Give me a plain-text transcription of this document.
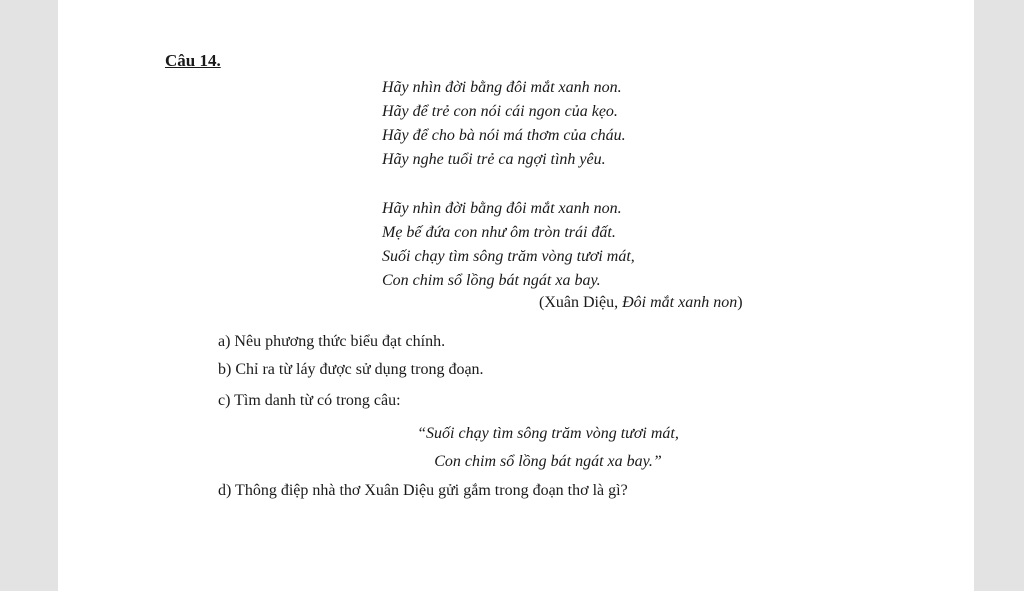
Câu 14.
Hãy nhìn đời bằng đôi mắt xanh non.
Hãy để trẻ con nói cái ngon của kẹo.
Hãy để cho bà nói má thơm của cháu.
Hãy nghe tuổi trẻ ca ngợi tình yêu.
Hãy nhìn đời bằng đôi mắt xanh non.
Mẹ bế đứa con như ôm tròn trái đất.
Suối chạy tìm sông trăm vòng tươi mát,
Con chim sổ lồng bát ngát xa bay.
(Xuân Diệu, Đôi mắt xanh non)
a) Nêu phương thức biểu đạt chính.
b) Chỉ ra từ láy được sử dụng trong đoạn.
c) Tìm danh từ có trong câu:
“Suối chạy tìm sông trăm vòng tươi mát,
Con chim sổ lồng bát ngát xa bay.”
d) Thông điệp nhà thơ Xuân Diệu gửi gắm trong đoạn thơ là gì?
